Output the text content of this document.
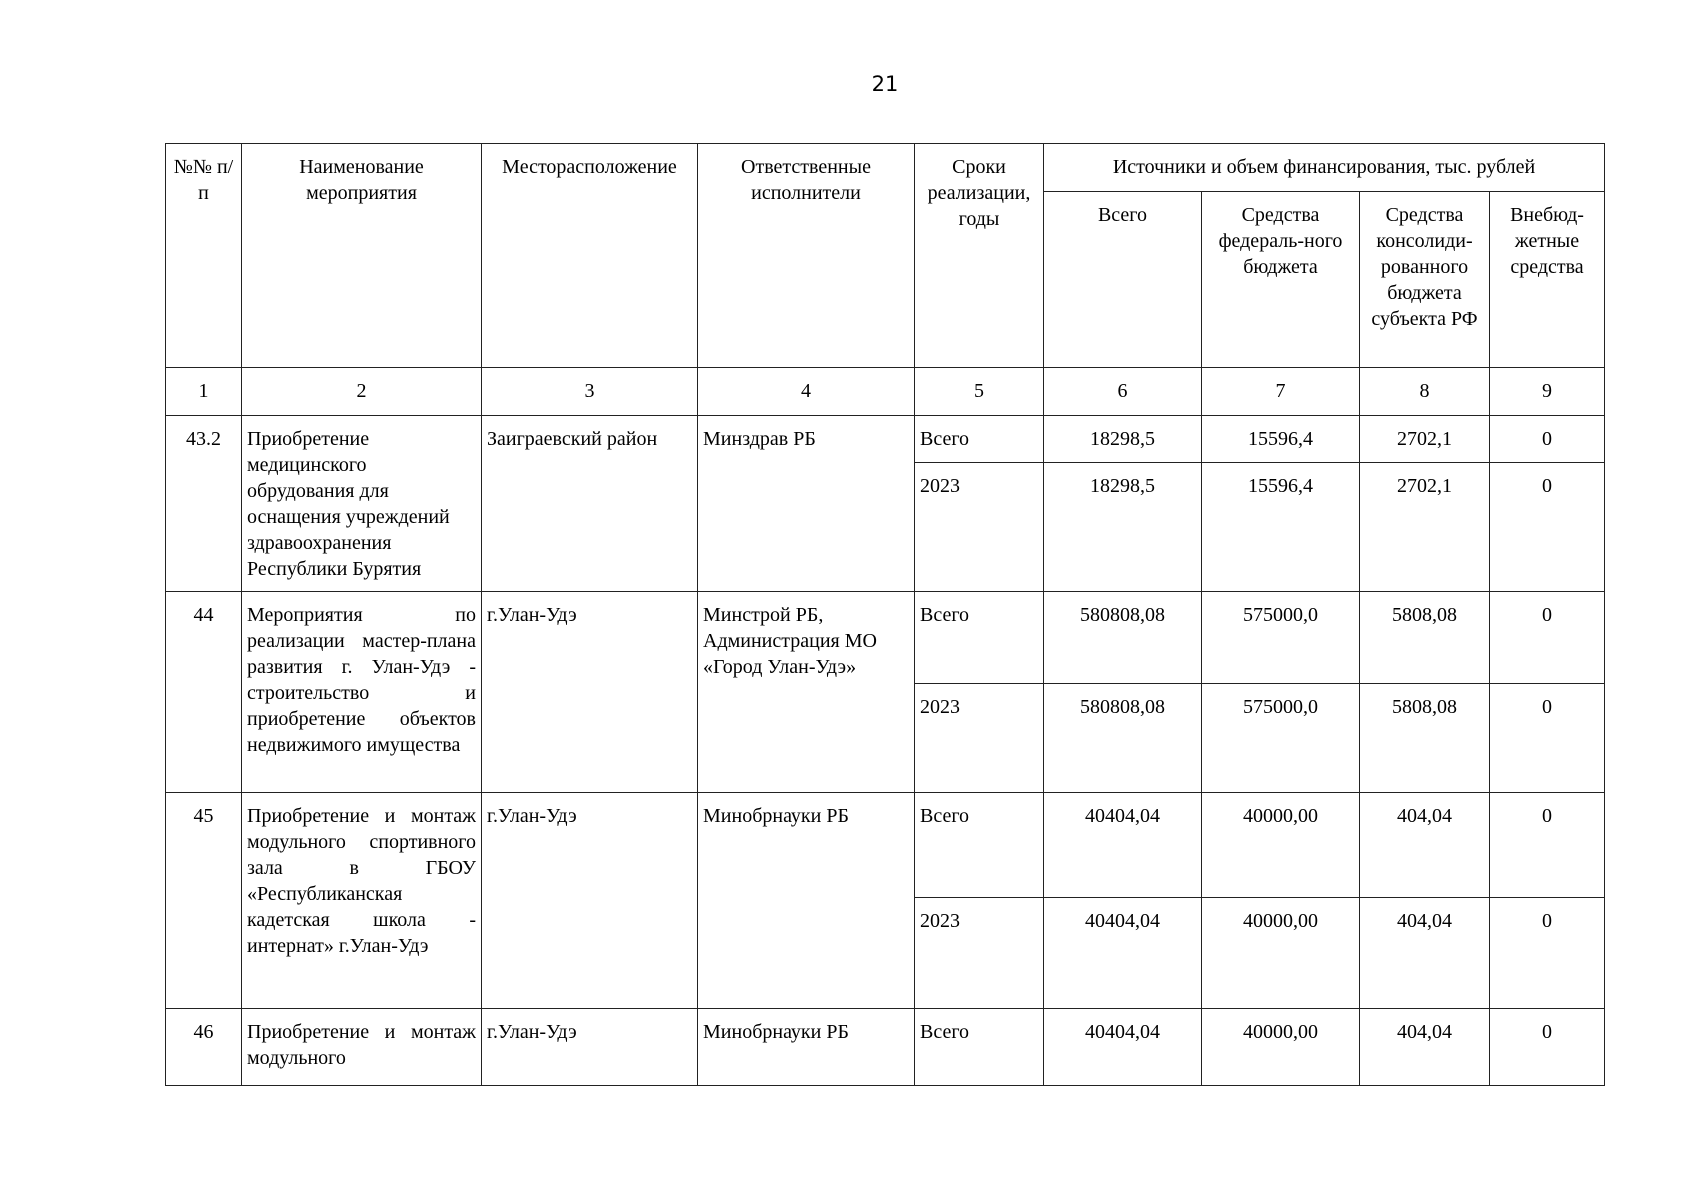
21
№№ п/п	Наименование мероприятия	Месторасположение	Ответственные исполнители	Сроки реализации, годы	Источники и объем финансирования, тыс. рублей			
					Всего	Средства федераль-ного бюджета	Средства консолиди-рованного бюджета субъекта РФ	Внебюд-жетные средства
1	2	3	4	5	6	7	8	9
43.2	Приобретение медицинского обрудования для оснащения учреждений здравоохранения Республики Бурятия	Заиграевский район	Минздрав РБ	Всего	18298,5	15596,4	2702,1	0
				2023	18298,5	15596,4	2702,1	0
44	Мероприятия по реализации мастер-плана развития г. Улан-Удэ - строительство и приобретение объектов недвижимого имущества	г.Улан-Удэ	Минстрой РБ, Администрация МО «Город Улан-Удэ»	Всего	580808,08	575000,0	5808,08	0
				2023	580808,08	575000,0	5808,08	0
45	Приобретение и монтаж модульного спортивного зала в ГБОУ «Республиканская кадетская школа - интернат» г.Улан-Удэ	г.Улан-Удэ	Минобрнауки РБ	Всего	40404,04	40000,00	404,04	0
				2023	40404,04	40000,00	404,04	0
46	Приобретение и монтаж модульного	г.Улан-Удэ	Минобрнауки РБ	Всего	40404,04	40000,00	404,04	0
